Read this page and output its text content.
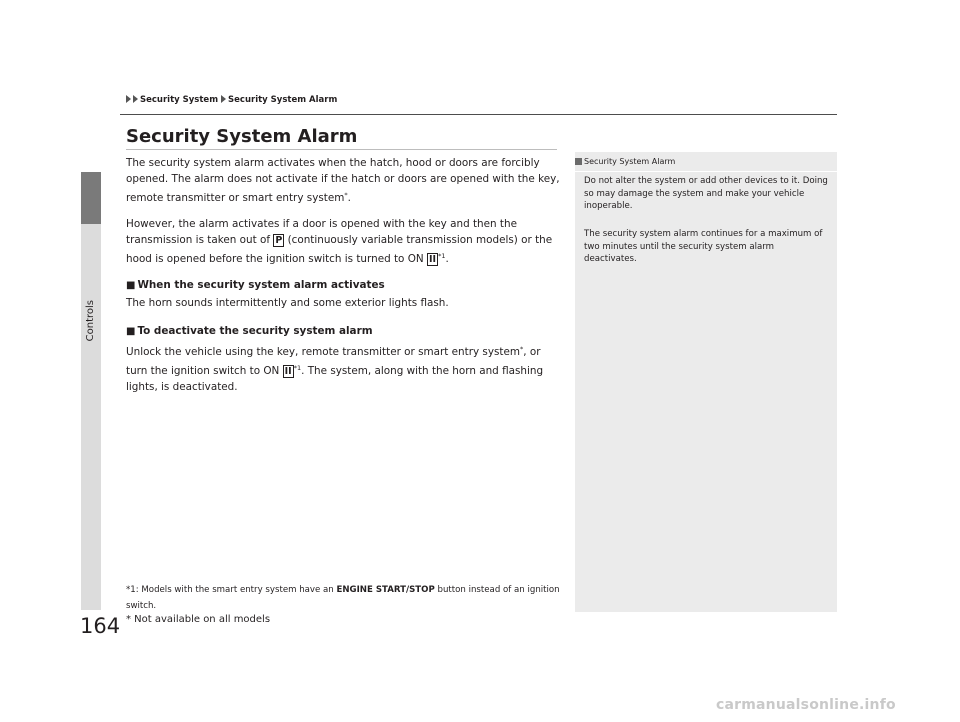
Controls
164
Security System Security System Alarm
Security System Alarm
The security system alarm activates when the hatch, hood or doors are forcibly opened. The alarm does not activate if the hatch or doors are opened with the key, remote transmitter or smart entry system*.
However, the alarm activates if a door is opened with the key and then the transmission is taken out of P (continuously variable transmission models) or the hood is opened before the ignition switch is turned to ON II $^{*1}$.
■ When the security system alarm activates
The horn sounds intermittently and some exterior lights flash.
■ To deactivate the security system alarm
Unlock the vehicle using the key, remote transmitter or smart entry system*, or turn the ignition switch to ON II $^{*1}$. The system, along with the horn and flashing lights, is deactivated.
*1: Models with the smart entry system have an ENGINE START/STOP button instead of an ignition switch.
* Not available on all models
Security System Alarm
Do not alter the system or add other devices to it. Doing so may damage the system and make your vehicle inoperable.
The security system alarm continues for a maximum of two minutes until the security system alarm deactivates.
carmanualsonline.info
